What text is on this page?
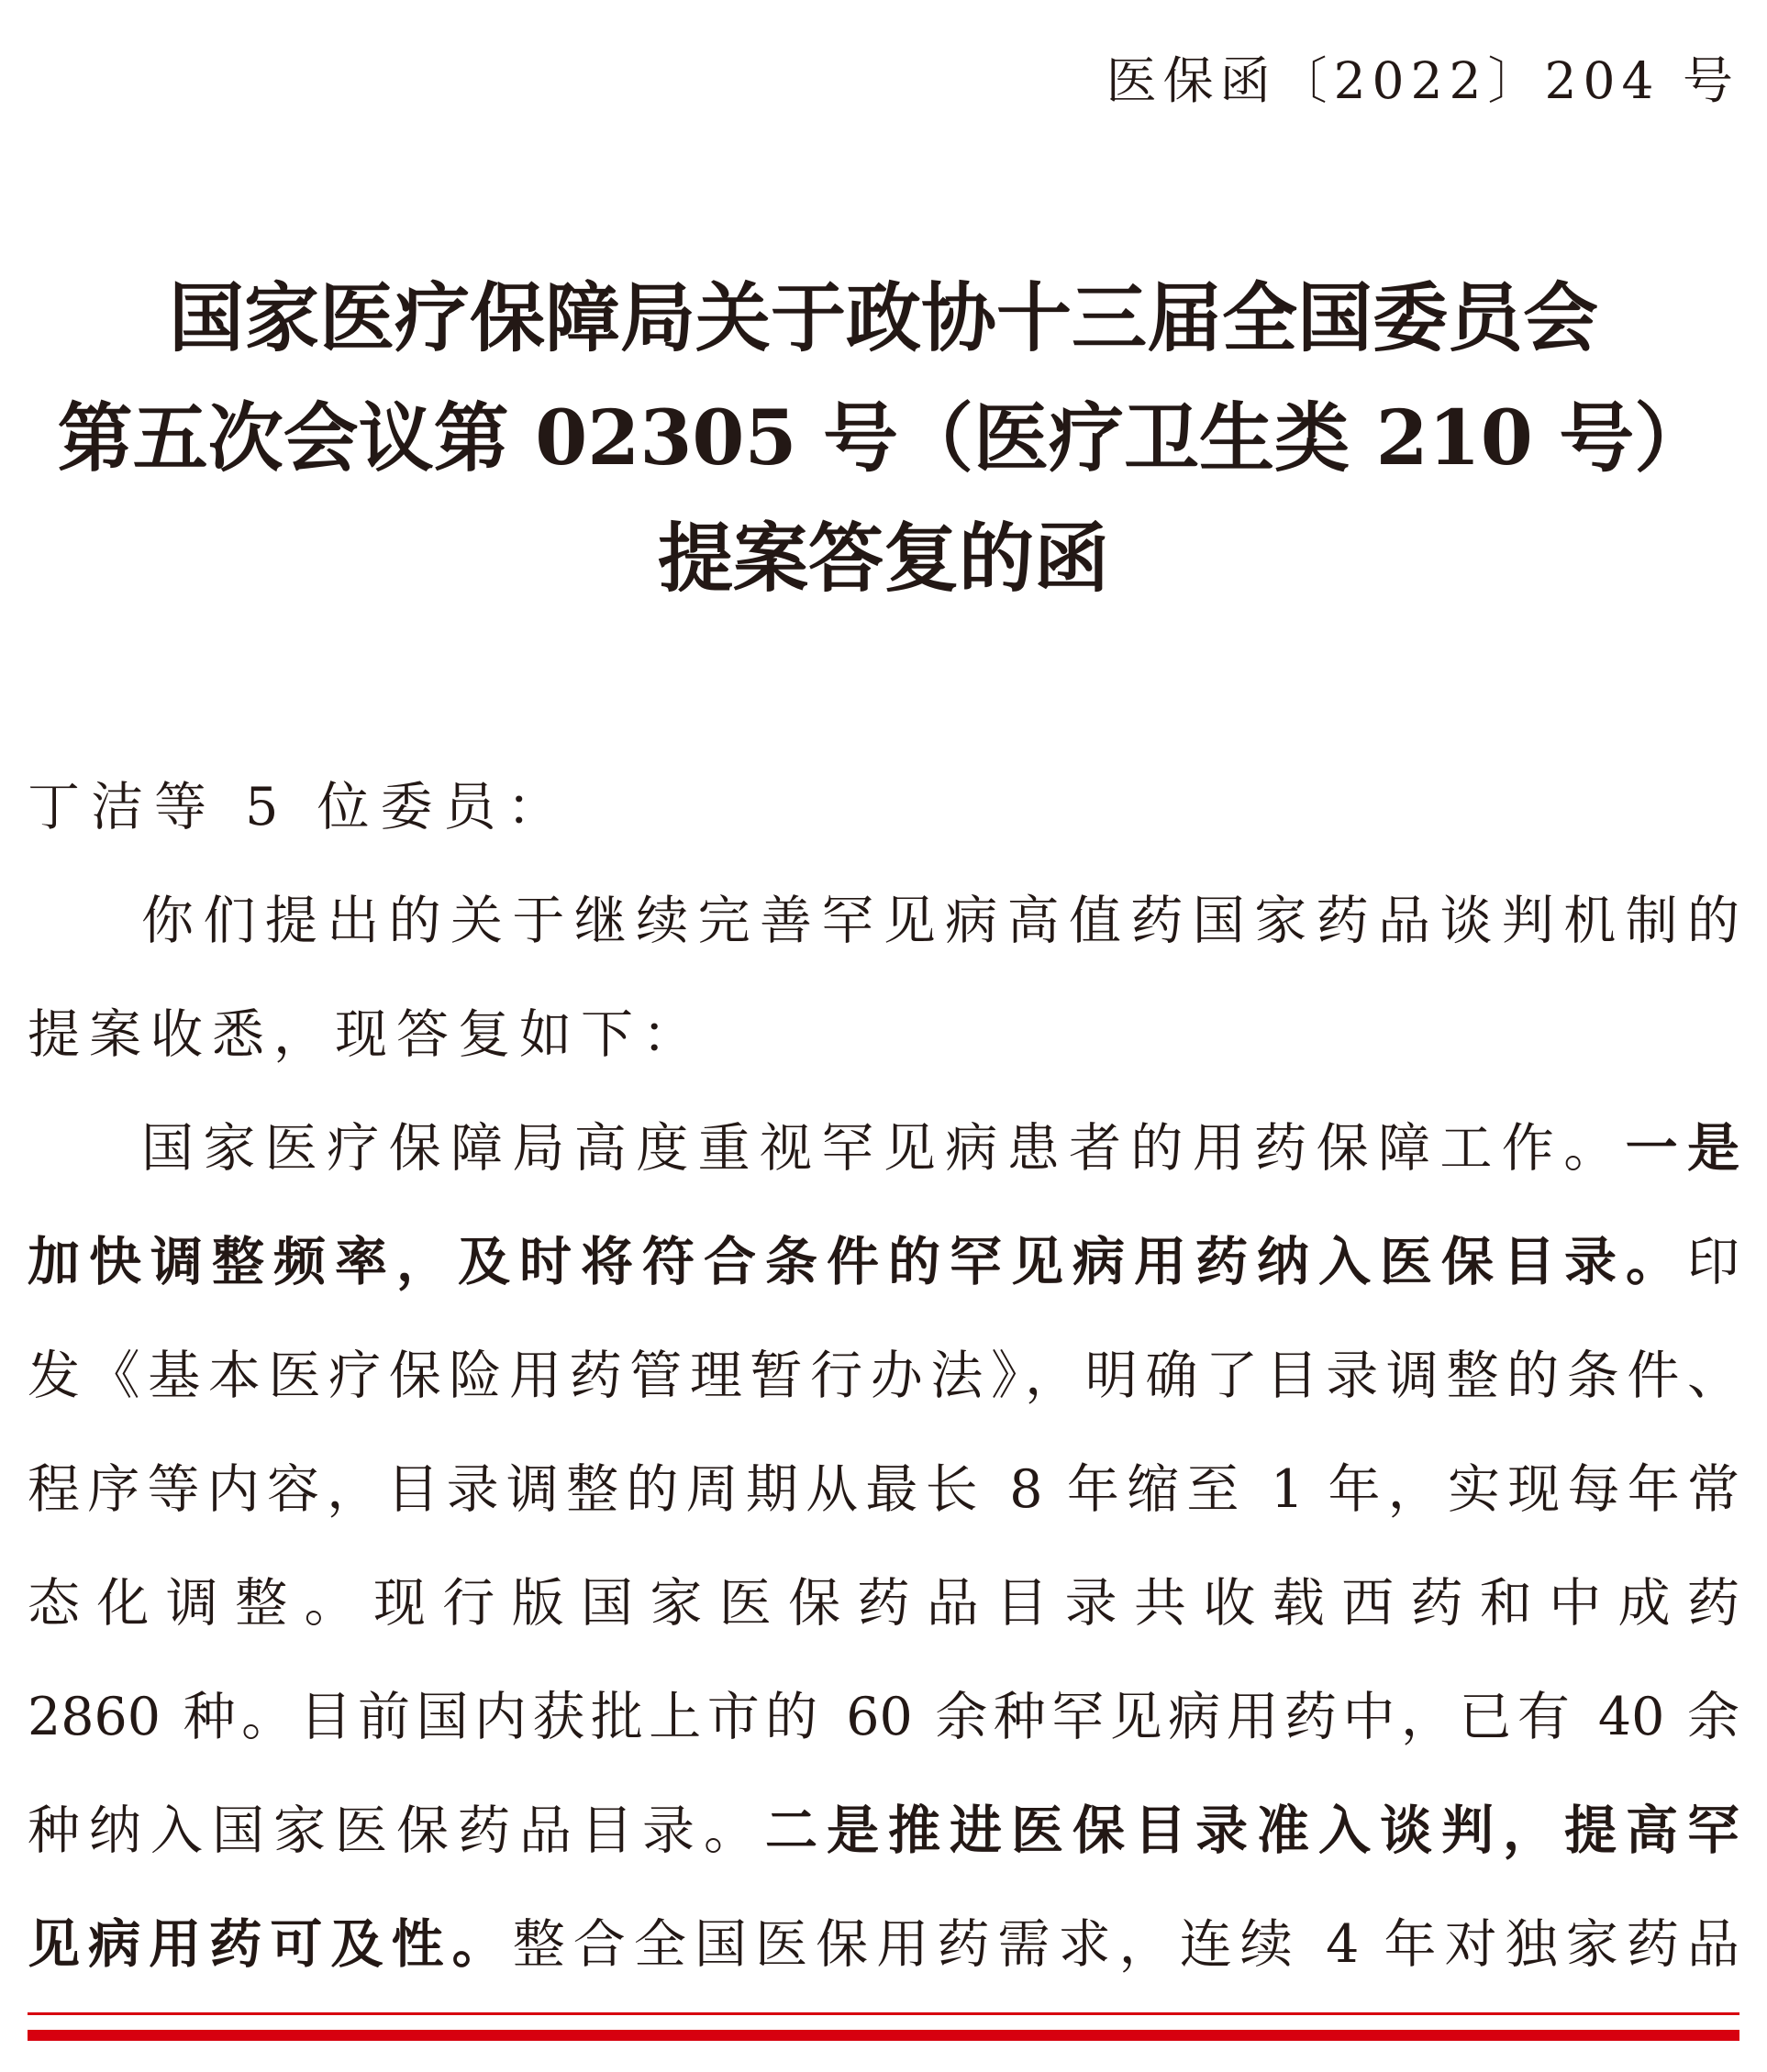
医保函〔2022〕204 号
国家医疗保障局关于政协十三届全国委员会
第五次会议第 02305 号（医疗卫生类 210 号）
提案答复的函
丁洁等 5 位委员：
你们提出的关于继续完善罕见病高值药国家药品谈判机制的
提案收悉，现答复如下：
国家医疗保障局高度重视罕见病患者的用药保障工作。一是
加快调整频率，及时将符合条件的罕见病用药纳入医保目录。印
发《基本医疗保险用药管理暂行办法》，明确了目录调整的条件、
程序等内容，目录调整的周期从最长 8 年缩至 1 年，实现每年常
态化调整。现行版国家医保药品目录共收载西药和中成药
2860 种。目前国内获批上市的 60 余种罕见病用药中，已有 40 余
种纳入国家医保药品目录。二是推进医保目录准入谈判，提高罕
见病用药可及性。整合全国医保用药需求，连续 4 年对独家药品
